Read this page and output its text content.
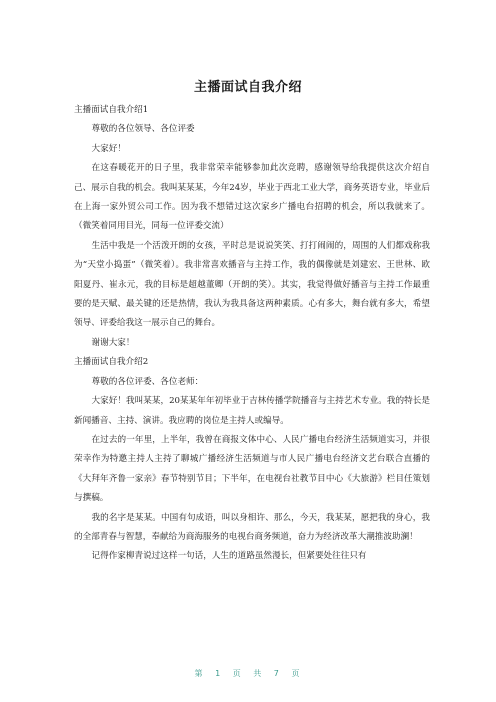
主播面试自我介绍

主播面试自我介绍1

尊敬的各位领导、各位评委

大家好！

在这春暖花开的日子里，我非常荣幸能够参加此次竞聘，感谢领导给我提供这次介绍自己、展示自我的机会。我叫某某某，今年24岁，毕业于西北工业大学，商务英语专业，毕业后在上海一家外贸公司工作。因为我不想错过这次家乡广播电台招聘的机会，所以我就来了。（微笑着同用目光，同每一位评委交流）

生活中我是一个活泼开朗的女孩，平时总是说说笑笑、打打闹闹的，周围的人们都戏称我为“天堂小捣蛋”（微笑着）。我非常喜欢播音与主持工作，我的偶像就是刘建宏、王世林、欧阳夏丹、崔永元，我的目标是超越董卿（开朗的笑）。其实，我觉得做好播音与主持工作最重要的是天赋、最关键的还是热情，我认为我具备这两种素质。心有多大，舞台就有多大，希望领导、评委给我这一展示自己的舞台。

谢谢大家！

主播面试自我介绍2

尊敬的各位评委、各位老师：

大家好！我叫某某，20某某年年初毕业于吉林传播学院播音与主持艺术专业。我的特长是新闻播音、主持、演讲。我应聘的岗位是主持人或编导。

在过去的一年里，上半年，我曾在商报文体中心、人民广播电台经济生活频道实习，并很荣幸作为特邀主持人主持了聊城广播经济生活频道与市人民广播电台经济文艺台联合直播的《大拜年齐鲁一家亲》春节特别节目；下半年，在电视台社教节目中心《大旅游》栏目任策划与撰稿。

我的名字是某某。中国有句成语，叫以身相许、那么，今天，我某某，愿把我的身心，我的全部青春与智慧，奉献给为商海服务的电视台商务频道，奋力为经济改革大潮推波助澜！

记得作家柳青说过这样一句话，人生的道路虽然漫长，但紧要处往往只有

第 1 页 共 7 页
